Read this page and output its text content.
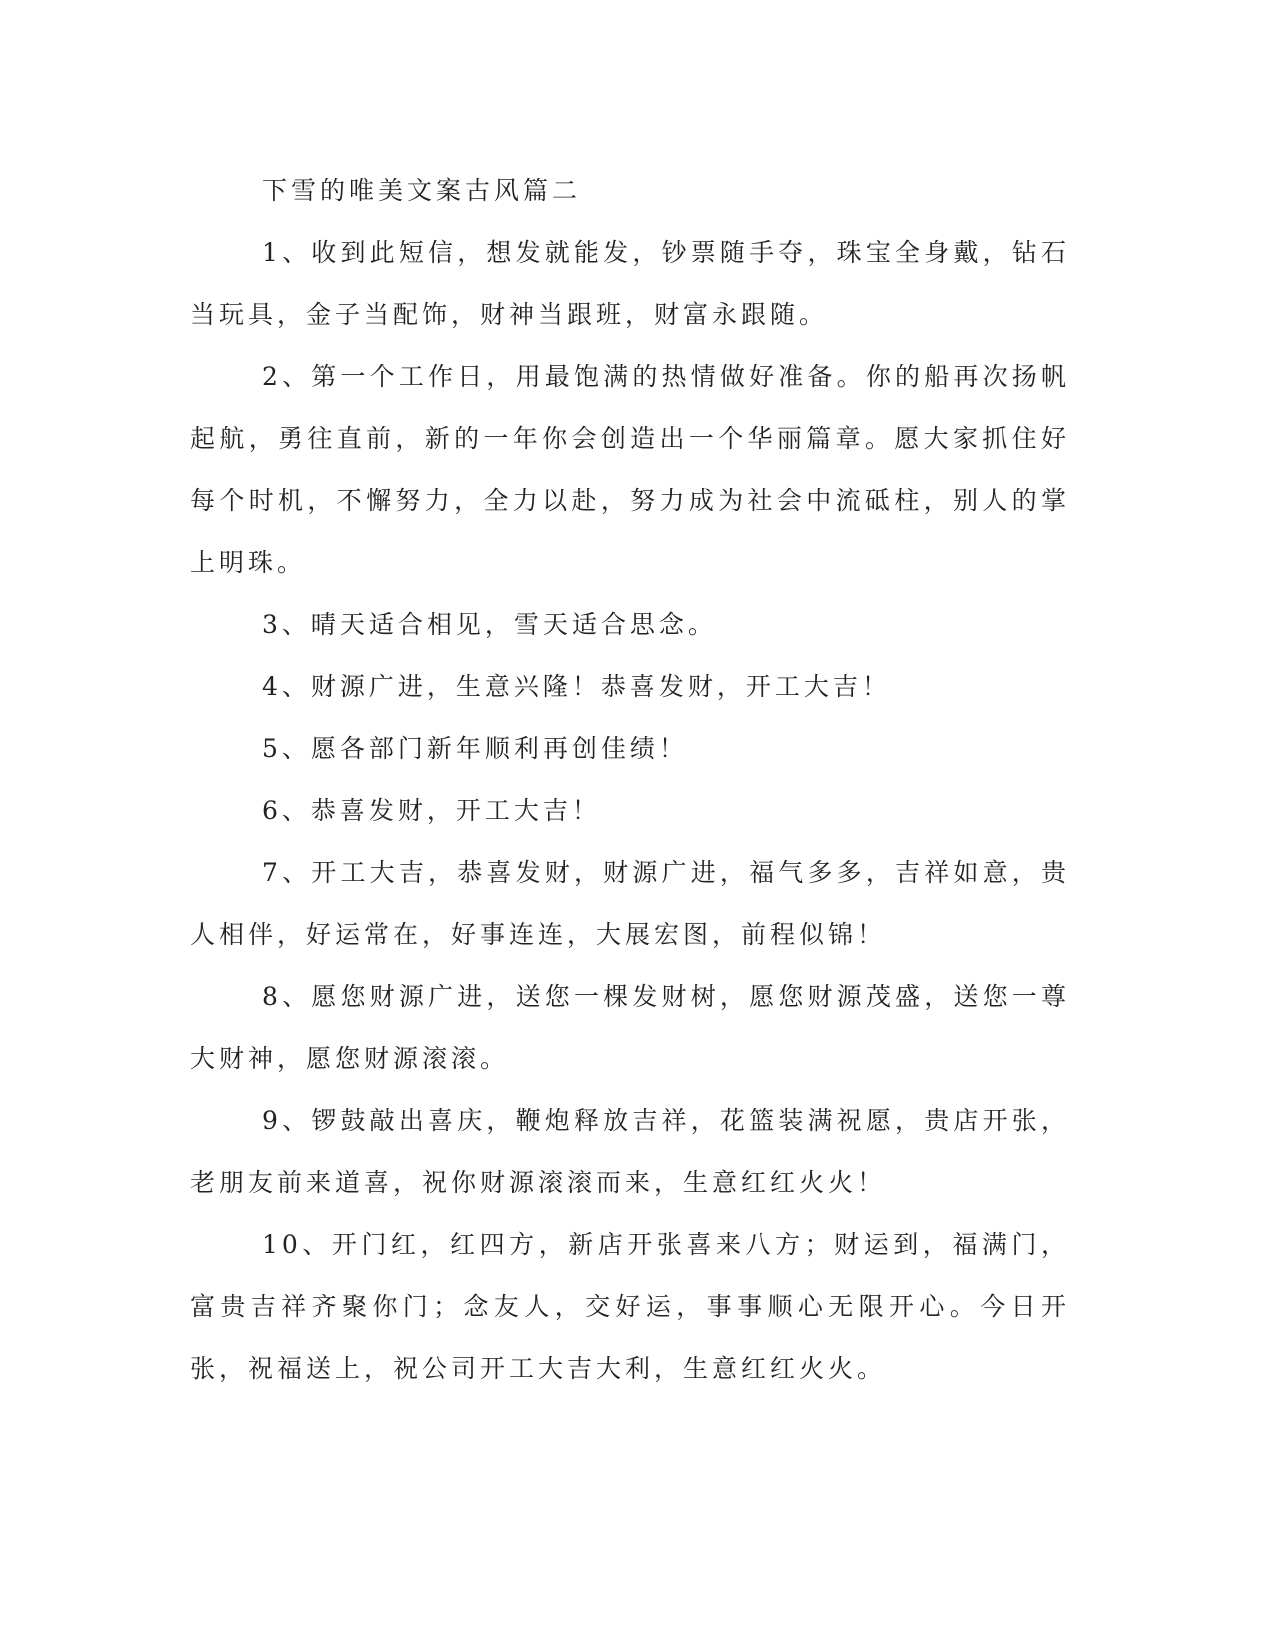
下雪的唯美文案古风篇二

1、收到此短信，想发就能发，钞票随手夺，珠宝全身戴，钻石当玩具，金子当配饰，财神当跟班，财富永跟随。

2、第一个工作日，用最饱满的热情做好准备。你的船再次扬帆起航，勇往直前，新的一年你会创造出一个华丽篇章。愿大家抓住好每个时机，不懈努力，全力以赴，努力成为社会中流砥柱，别人的掌上明珠。

3、晴天适合相见，雪天适合思念。

4、财源广进，生意兴隆！恭喜发财，开工大吉！

5、愿各部门新年顺利再创佳绩！

6、恭喜发财，开工大吉！

7、开工大吉，恭喜发财，财源广进，福气多多，吉祥如意，贵人相伴，好运常在，好事连连，大展宏图，前程似锦！

8、愿您财源广进，送您一棵发财树，愿您财源茂盛，送您一尊大财神，愿您财源滚滚。

9、锣鼓敲出喜庆，鞭炮释放吉祥，花篮装满祝愿，贵店开张，老朋友前来道喜，祝你财源滚滚而来，生意红红火火！

10、开门红，红四方，新店开张喜来八方；财运到，福满门，富贵吉祥齐聚你门；念友人，交好运，事事顺心无限开心。今日开张，祝福送上，祝公司开工大吉大利，生意红红火火。
